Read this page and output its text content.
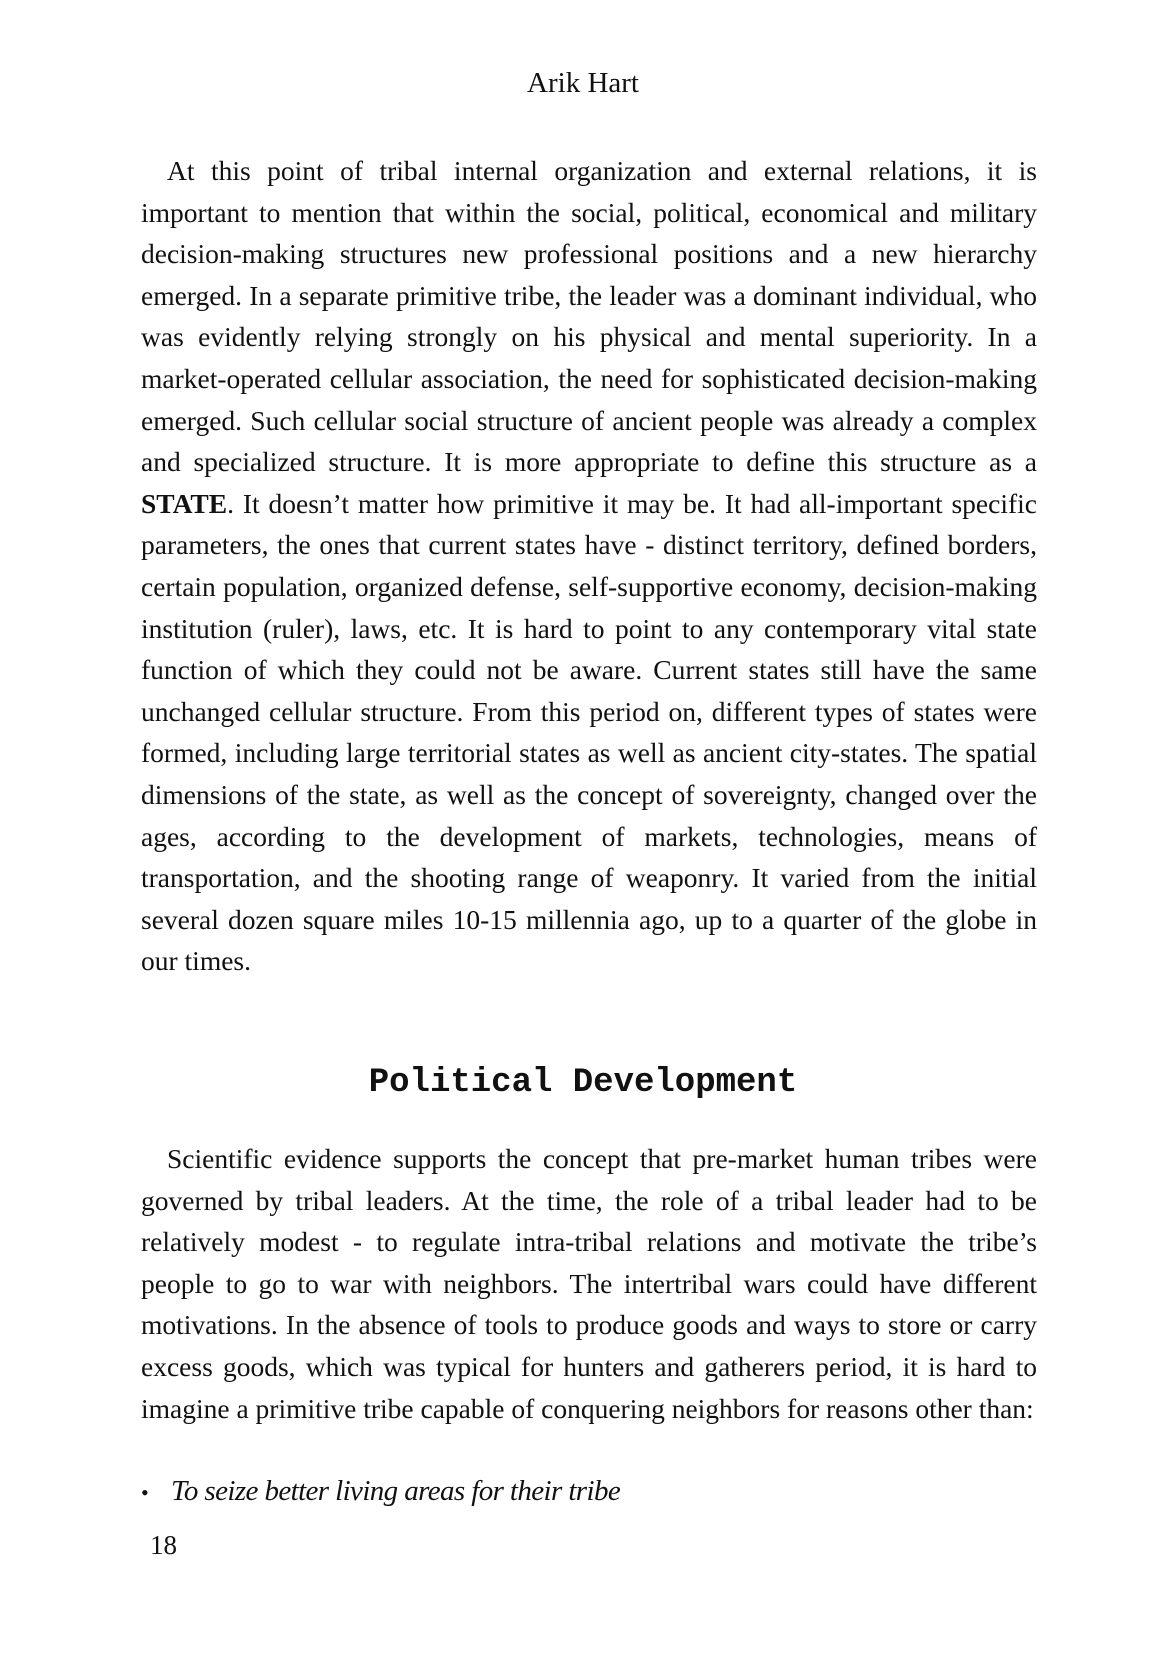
Arik Hart

At this point of tribal internal organization and external relations, it is important to mention that within the social, political, economical and military decision-making structures new professional positions and a new hierarchy emerged. In a separate primitive tribe, the leader was a dominant individual, who was evidently relying strongly on his physical and mental superiority. In a market-operated cellular association, the need for sophisticated decision-making emerged. Such cellular social structure of ancient people was already a complex and specialized structure. It is more appropriate to define this structure as a STATE. It doesn’t matter how primitive it may be. It had all-important specific parameters, the ones that current states have - distinct territory, defined borders, certain population, organized defense, self-supportive economy, decision-making institution (ruler), laws, etc. It is hard to point to any contemporary vital state function of which they could not be aware. Current states still have the same unchanged cellular structure. From this period on, different types of states were formed, including large territorial states as well as ancient city-states. The spatial dimensions of the state, as well as the concept of sovereignty, changed over the ages, according to the development of markets, technologies, means of transportation, and the shooting range of weaponry. It varied from the initial several dozen square miles 10-15 millennia ago, up to a quarter of the globe in our times.

Political Development

Scientific evidence supports the concept that pre-market human tribes were governed by tribal leaders. At the time, the role of a tribal leader had to be relatively modest - to regulate intra-tribal relations and motivate the tribe’s people to go to war with neighbors. The intertribal wars could have different motivations. In the absence of tools to produce goods and ways to store or carry excess goods, which was typical for hunters and gatherers period, it is hard to imagine a primitive tribe capable of conquering neighbors for reasons other than:

• To seize better living areas for their tribe
18
